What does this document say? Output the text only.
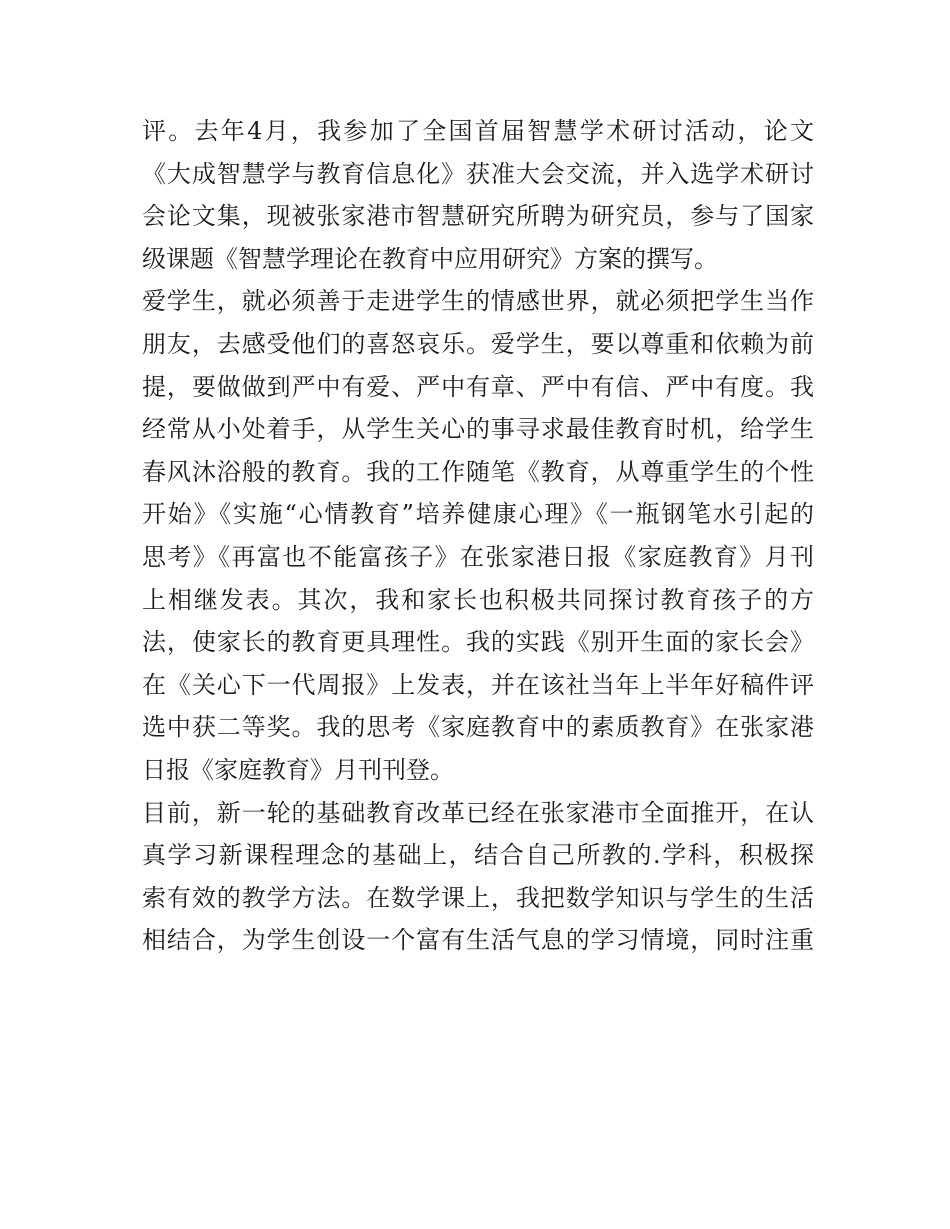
评。去年4月，我参加了全国首届智慧学术研讨活动，论文
《大成智慧学与教育信息化》获准大会交流，并入选学术研讨
会论文集，现被张家港市智慧研究所聘为研究员，参与了国家
级课题《智慧学理论在教育中应用研究》方案的撰写。
爱学生，就必须善于走进学生的情感世界，就必须把学生当作
朋友，去感受他们的喜怒哀乐。爱学生，要以尊重和依赖为前
提，要做做到严中有爱、严中有章、严中有信、严中有度。我
经常从小处着手，从学生关心的事寻求最佳教育时机，给学生
春风沐浴般的教育。我的工作随笔《教育，从尊重学生的个性
开始》《实施“心情教育”培养健康心理》《一瓶钢笔水引起的
思考》《再富也不能富孩子》在张家港日报《家庭教育》月刊
上相继发表。其次，我和家长也积极共同探讨教育孩子的方
法，使家长的教育更具理性。我的实践《别开生面的家长会》
在《关心下一代周报》上发表，并在该社当年上半年好稿件评
选中获二等奖。我的思考《家庭教育中的素质教育》在张家港
日报《家庭教育》月刊刊登。
目前，新一轮的基础教育改革已经在张家港市全面推开，在认
真学习新课程理念的基础上，结合自己所教的.学科，积极探
索有效的教学方法。在数学课上，我把数学知识与学生的生活
相结合，为学生创设一个富有生活气息的学习情境，同时注重
